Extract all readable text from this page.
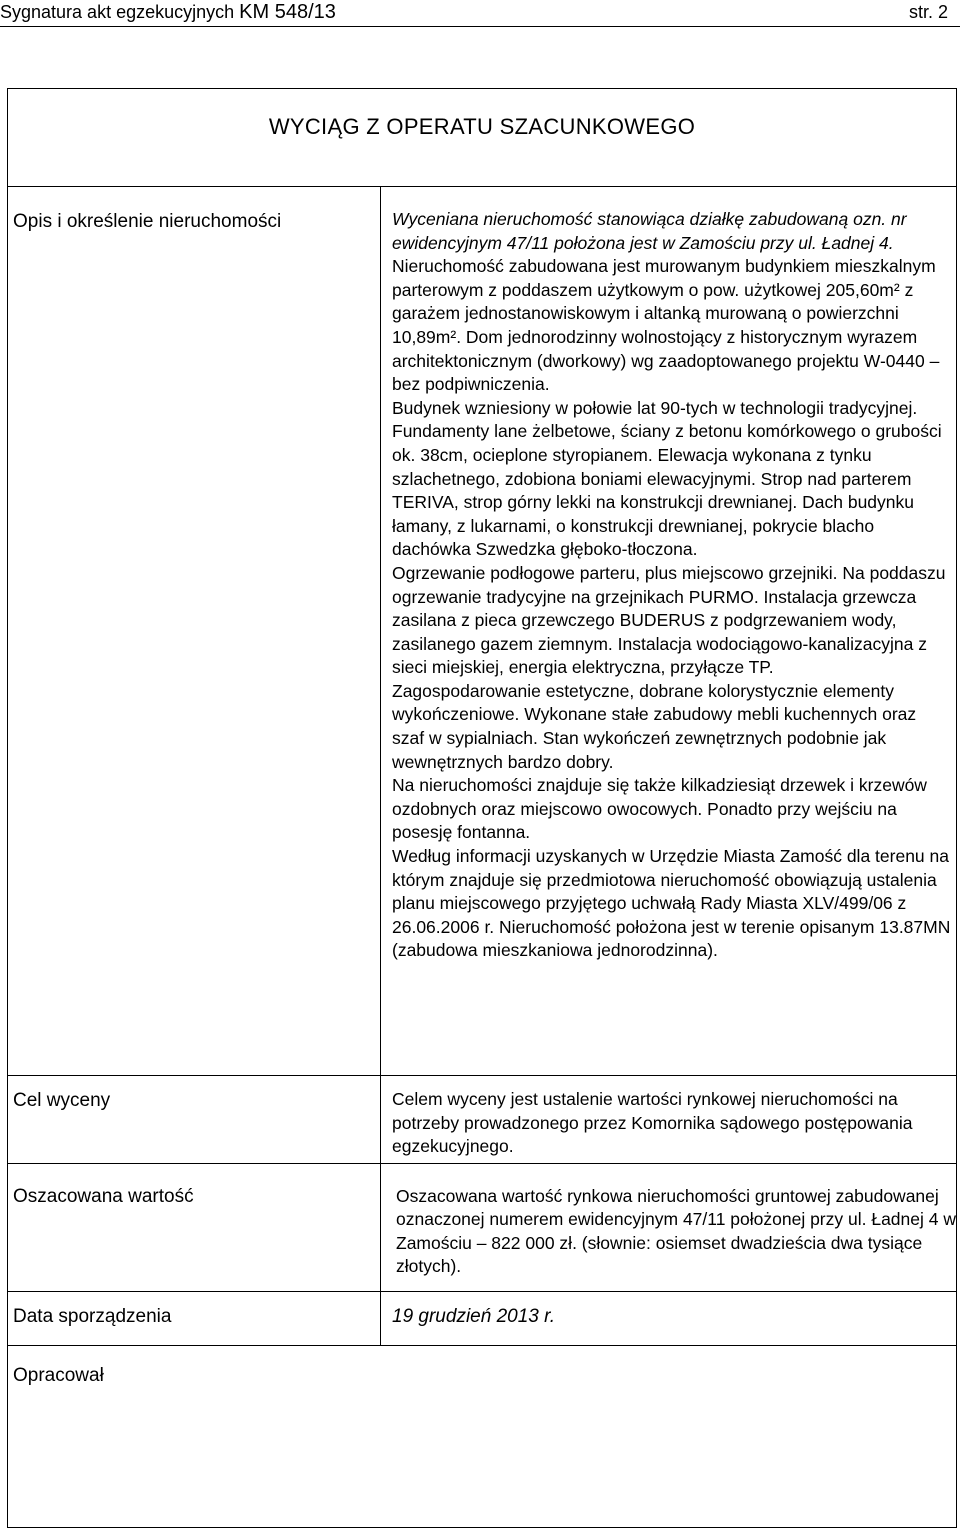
Sygnatura akt egzekucyjnych KM 548/13	str. 2
WYCIĄG Z OPERATU SZACUNKOWEGO
Opis i określenie nieruchomości
Cel wyceny
Oszacowana wartość
Data sporządzenia
Opracował

Wyceniana nieruchomość stanowiąca działkę zabudowaną ozn. nr ewidencyjnym 47/11 położona jest w Zamościu przy ul. Ładnej 4. Nieruchomość zabudowana jest murowanym budynkiem mieszkalnym parterowym z poddaszem użytkowym o pow. użytkowej 205,60m² z garażem jednostanowiskowym i altanką murowaną o powierzchni 10,89m². Dom jednorodzinny wolnostojący z historycznym wyrazem architektonicznym (dworkowy) wg zaadoptowanego projektu W-0440 – bez podpiwniczenia.

Budynek wzniesiony w połowie lat 90-tych w technologii tradycyjnej. Fundamenty lane żelbetowe, ściany z betonu komórkowego o grubości ok. 38cm, ocieplone styropianem. Elewacja wykonana z tynku szlachetnego, zdobiona boniami elewacyjnymi. Strop nad parterem TERIVA, strop górny lekki na konstrukcji drewnianej. Dach budynku łamany, z lukarnami, o konstrukcji drewnianej, pokrycie blacho dachówka Szwedzka głęboko-tłoczona.

Ogrzewanie podłogowe parteru, plus miejscowo grzejniki. Na poddaszu ogrzewanie tradycyjne na grzejnikach PURMO. Instalacja grzewcza zasilana z pieca grzewczego BUDERUS z podgrzewaniem wody, zasilanego gazem ziemnym. Instalacja wodociągowo-kanalizacyjna z sieci miejskiej, energia elektryczna, przyłącze TP.

Zagospodarowanie estetyczne, dobrane kolorystycznie elementy wykończeniowe. Wykonane stałe zabudowy mebli kuchennych oraz szaf w sypialniach. Stan wykończeń zewnętrznych podobnie jak wewnętrznych bardzo dobry.

Na nieruchomości znajduje się także kilkadziesiąt drzewek i krzewów ozdobnych oraz miejscowo owocowych. Ponadto przy wejściu na posesję fontanna.

Według informacji uzyskanych w Urzędzie Miasta Zamość dla terenu na którym znajduje się przedmiotowa nieruchomość obowiązują ustalenia planu miejscowego przyjętego uchwałą Rady Miasta XLV/499/06 z 26.06.2006 r. Nieruchomość położona jest w terenie opisanym 13.87MN (zabudowa mieszkaniowa jednorodzinna).

Celem wyceny jest ustalenie wartości rynkowej nieruchomości na potrzeby prowadzonego przez Komornika sądowego postępowania egzekucyjnego.
Oszacowana wartość rynkowa nieruchomości gruntowej zabudowanej oznaczonej numerem ewidencyjnym 47/11 położonej przy ul. Ładnej 4 w Zamościu – 822 000 zł. (słownie: osiemset dwadzieścia dwa tysiące złotych).
19 grudzień 2013 r.
